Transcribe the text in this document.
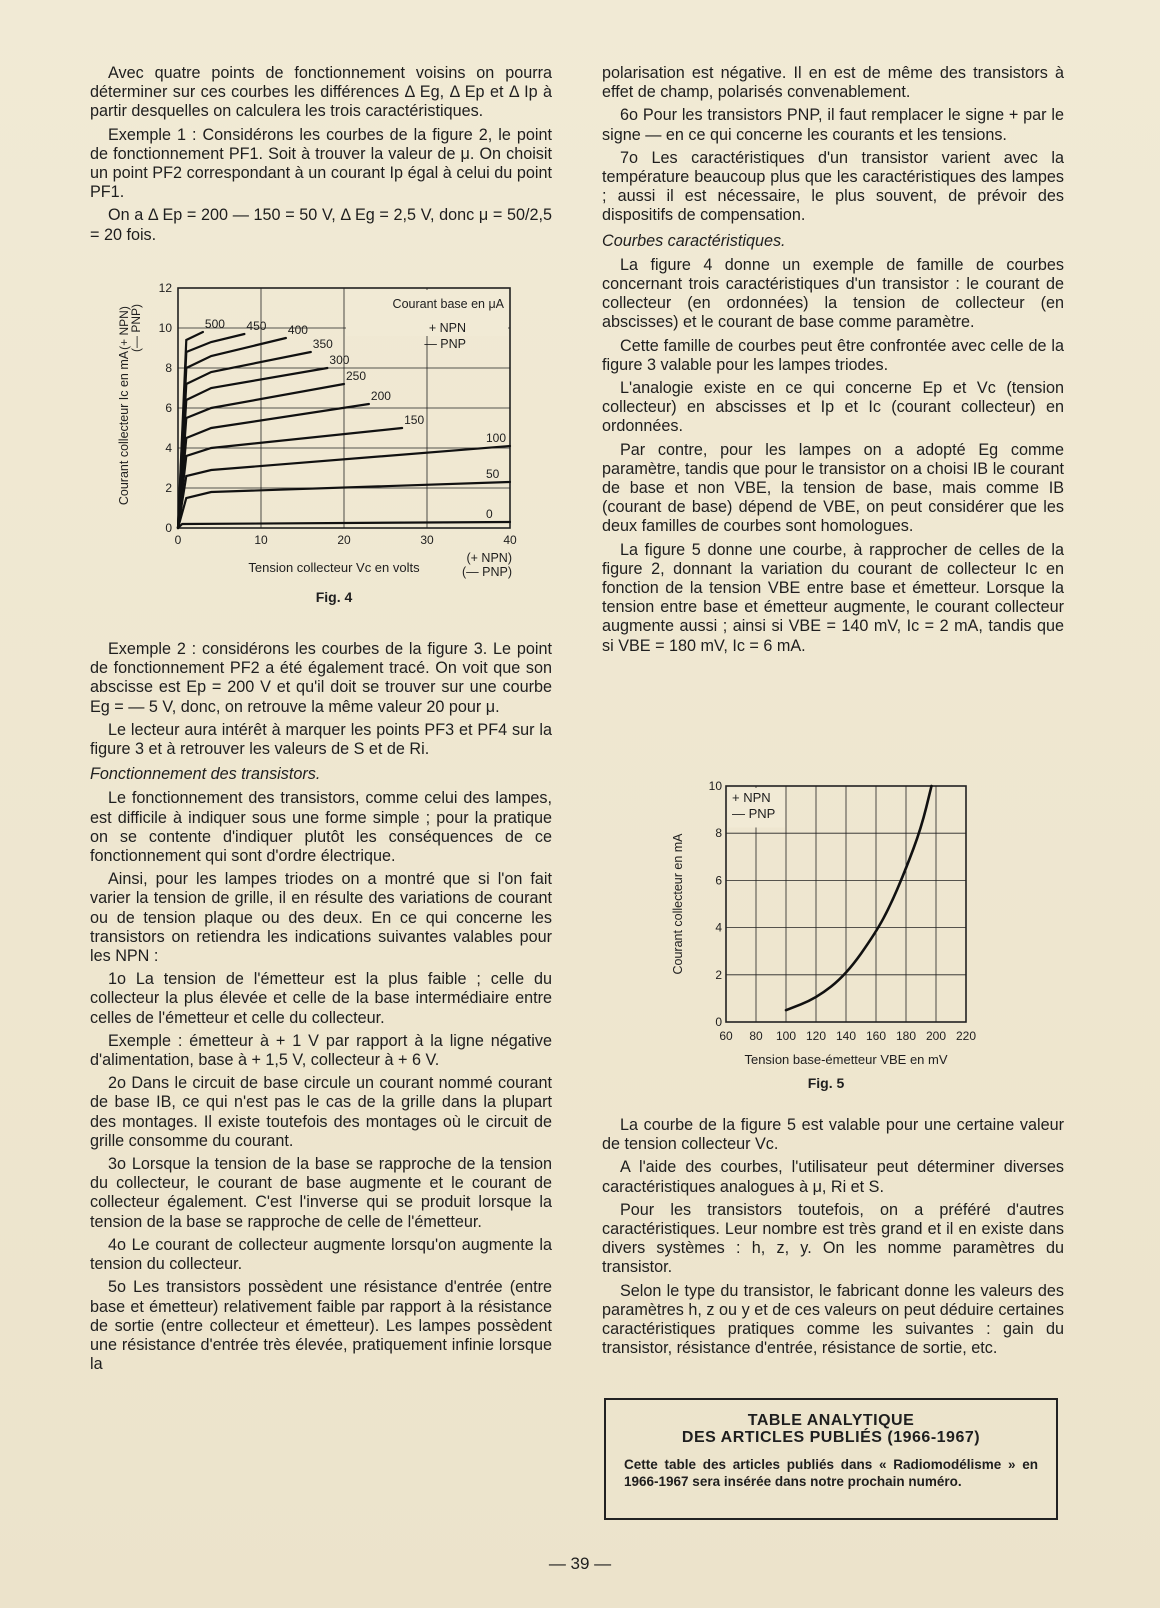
Avec quatre points de fonctionnement voisins on pourra déterminer sur ces courbes les différences Δ Eg, Δ Ep et Δ Ip à partir desquelles on calculera les trois caractéristiques.

Exemple 1 : Considérons les courbes de la figure 2, le point de fonctionnement PF1. Soit à trouver la valeur de μ. On choisit un point PF2 correspondant à un courant Ip égal à celui du point PF1.

On a Δ Ep = 200 — 150 = 50 V, Δ Eg = 2,5 V, donc μ = 50/2,5 = 20 fois.

0	10	20	30	40
0
2
4
6
8
10
12
Courant base en μA
+ NPN
— PNP
0
50
100
150
200
250
300
350
400
450
500
Courant collecteur Ic en mA
(+ NPN)
(— PNP)
Tension collecteur Vc en volts
(+ NPN)
(— PNP)
Fig. 4

Exemple 2 : considérons les courbes de la figure 3. Le point de fonctionnement PF2 a été également tracé. On voit que son abscisse est Ep = 200 V et qu'il doit se trouver sur une courbe Eg = — 5 V, donc, on retrouve la même valeur 20 pour μ.

Le lecteur aura intérêt à marquer les points PF3 et PF4 sur la figure 3 et à retrouver les valeurs de S et de Ri.

Fonctionnement des transistors.

Le fonctionnement des transistors, comme celui des lampes, est difficile à indiquer sous une forme simple ; pour la pratique on se contente d'indiquer plutôt les conséquences de ce fonctionnement qui sont d'ordre électrique.

Ainsi, pour les lampes triodes on a montré que si l'on fait varier la tension de grille, il en résulte des variations de courant ou de tension plaque ou des deux. En ce qui concerne les transistors on retiendra les indications suivantes valables pour les NPN :

1o La tension de l'émetteur est la plus faible ; celle du collecteur la plus élevée et celle de la base intermédiaire entre celles de l'émetteur et celle du collecteur.

Exemple : émetteur à + 1 V par rapport à la ligne négative d'alimentation, base à + 1,5 V, collecteur à + 6 V.

2o Dans le circuit de base circule un courant nommé courant de base IB, ce qui n'est pas le cas de la grille dans la plupart des montages. Il existe toutefois des montages où le circuit de grille consomme du courant.

3o Lorsque la tension de la base se rapproche de la tension du collecteur, le courant de base augmente et le courant de collecteur également. C'est l'inverse qui se produit lorsque la tension de la base se rapproche de celle de l'émetteur.

4o Le courant de collecteur augmente lorsqu'on augmente la tension du collecteur.

5o Les transistors possèdent une résistance d'entrée (entre base et émetteur) relativement faible par rapport à la résistance de sortie (entre collecteur et émetteur). Les lampes possèdent une résistance d'entrée très élevée, pratiquement infinie lorsque la

polarisation est négative. Il en est de même des transistors à effet de champ, polarisés convenablement.

6o Pour les transistors PNP, il faut remplacer le signe + par le signe — en ce qui concerne les courants et les tensions.

7o Les caractéristiques d'un transistor varient avec la température beaucoup plus que les caractéristiques des lampes ; aussi il est nécessaire, le plus souvent, de prévoir des dispositifs de compensation.

Courbes caractéristiques.

La figure 4 donne un exemple de famille de courbes concernant trois caractéristiques d'un transistor : le courant de collecteur (en ordonnées) la tension de collecteur (en abscisses) et le courant de base comme paramètre.

Cette famille de courbes peut être confrontée avec celle de la figure 3 valable pour les lampes triodes.

L'analogie existe en ce qui concerne Ep et Vc (tension collecteur) en abscisses et Ip et Ic (courant collecteur) en ordonnées.

Par contre, pour les lampes on a adopté Eg comme paramètre, tandis que pour le transistor on a choisi IB le courant de base et non VBE, la tension de base, mais comme IB (courant de base) dépend de VBE, on peut considérer que les deux familles de courbes sont homologues.

La figure 5 donne une courbe, à rapprocher de celles de la figure 2, donnant la variation du courant de collecteur Ic en fonction de la tension VBE entre base et émetteur. Lorsque la tension entre base et émetteur augmente, le courant collecteur augmente aussi ; ainsi si VBE = 140 mV, Ic = 2 mA, tandis que si VBE = 180 mV, Ic = 6 mA.

+ NPN
— PNP
60 80 100 120 140 160 180 200 220
0
2
4
6
8
10
Courant collecteur en mA
Tension base-émetteur VBE en mV
Fig. 5

La courbe de la figure 5 est valable pour une certaine valeur de tension collecteur Vc.

A l'aide des courbes, l'utilisateur peut déterminer diverses caractéristiques analogues à μ, Ri et S.

Pour les transistors toutefois, on a préféré d'autres caractéristiques. Leur nombre est très grand et il en existe dans divers systèmes : h, z, y. On les nomme paramètres du transistor.

Selon le type du transistor, le fabricant donne les valeurs des paramètres h, z ou y et de ces valeurs on peut déduire certaines caractéristiques pratiques comme les suivantes : gain du transistor, résistance d'entrée, résistance de sortie, etc.

TABLE ANALYTIQUE
DES ARTICLES PUBLIÉS (1966-1967)
Cette table des articles publiés dans « Radiomodélisme » en 1966-1967 sera insérée dans notre prochain numéro.
— 39 —
